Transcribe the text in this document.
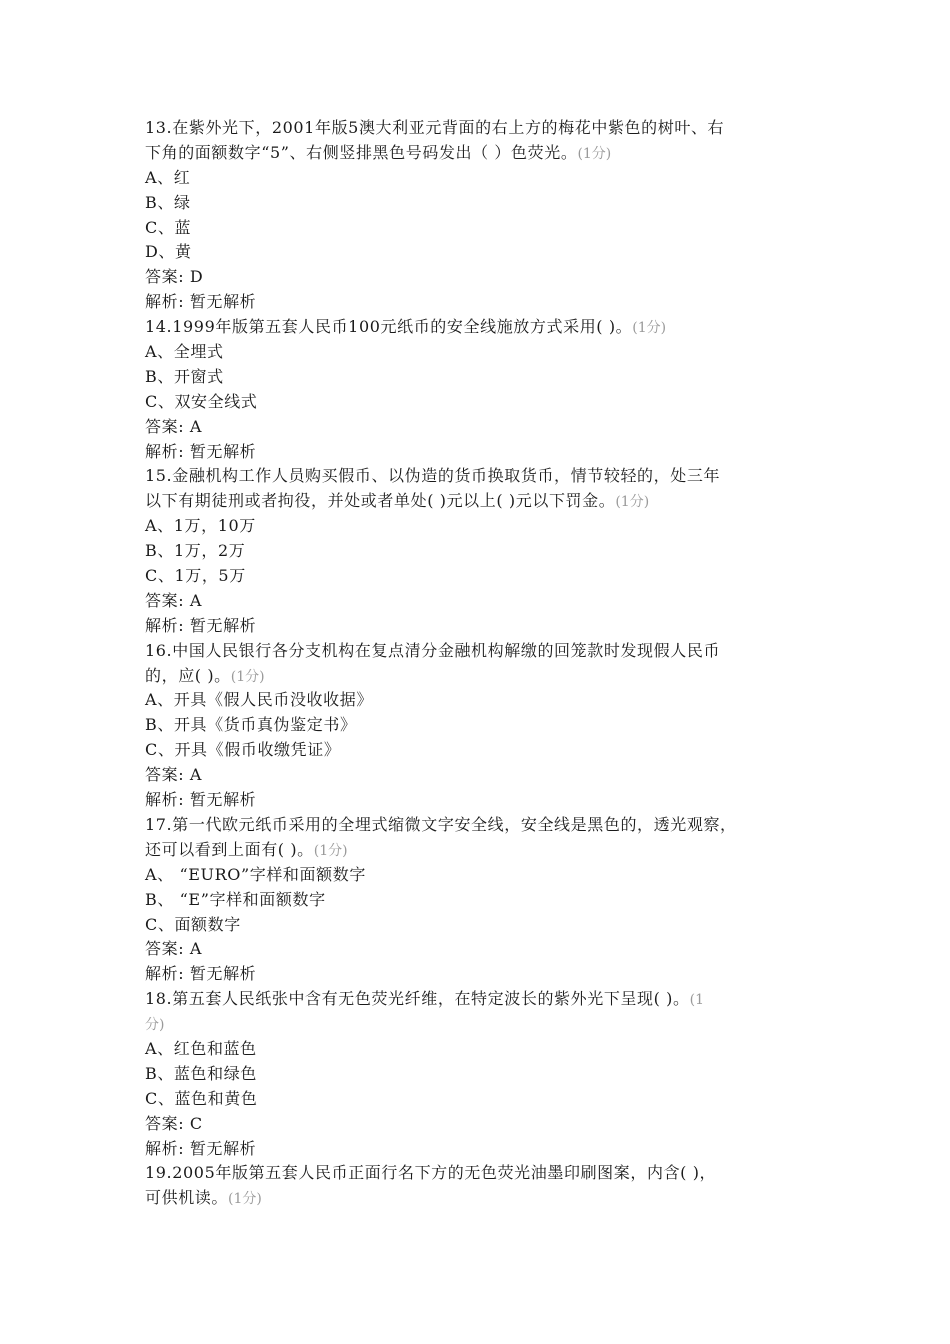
13.在紫外光下，2001年版5澳大利亚元背面的右上方的梅花中紫色的树叶、右
下角的面额数字“5”、右侧竖排黑色号码发出（ ）色荧光。(1分)
A、红
B、绿
C、蓝
D、黄
答案: D
解析: 暂无解析
14.1999年版第五套人民币100元纸币的安全线施放方式采用( )。(1分)
A、全埋式
B、开窗式
C、双安全线式
答案: A
解析: 暂无解析
15.金融机构工作人员购买假币、以伪造的货币换取货币，情节较轻的，处三年
以下有期徒刑或者拘役，并处或者单处( )元以上( )元以下罚金。(1分)
A、1万，10万
B、1万，2万
C、1万，5万
答案: A
解析: 暂无解析
16.中国人民银行各分支机构在复点清分金融机构解缴的回笼款时发现假人民币
的，应( )。(1分)
A、开具《假人民币没收收据》
B、开具《货币真伪鉴定书》
C、开具《假币收缴凭证》
答案: A
解析: 暂无解析
17.第一代欧元纸币采用的全埋式缩微文字安全线，安全线是黑色的，透光观察，
还可以看到上面有( )。(1分)
A、 “EURO”字样和面额数字
B、 “E”字样和面额数字
C、面额数字
答案: A
解析: 暂无解析
18.第五套人民纸张中含有无色荧光纤维，在特定波长的紫外光下呈现( )。(1
分)
A、红色和蓝色
B、蓝色和绿色
C、蓝色和黄色
答案: C
解析: 暂无解析
19.2005年版第五套人民币正面行名下方的无色荧光油墨印刷图案，内含( )，
可供机读。(1分)
